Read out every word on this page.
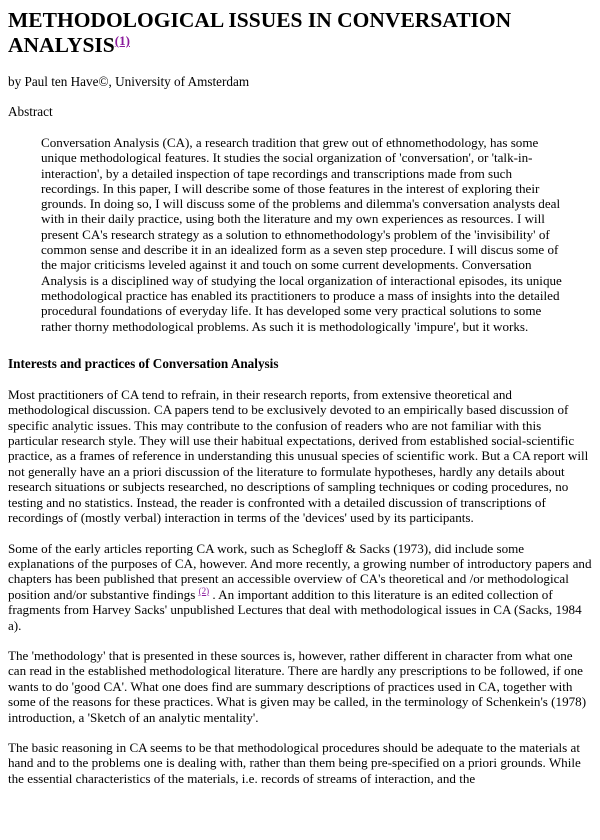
METHODOLOGICAL ISSUES IN CONVERSATION ANALYSIS$^{(1)}$
by Paul ten Have©, University of Amsterdam
Abstract
Conversation Analysis (CA), a research tradition that grew out of ethnomethodology, has some unique methodological features. It studies the social organization of 'conversation', or 'talk-in-interaction', by a detailed inspection of tape recordings and transcriptions made from such recordings. In this paper, I will describe some of those features in the interest of exploring their grounds. In doing so, I will discuss some of the problems and dilemma's conversation analysts deal with in their daily practice, using both the literature and my own experiences as resources. I will present CA's research strategy as a solution to ethnomethodology's problem of the 'invisibility' of common sense and describe it in an idealized form as a seven step procedure. I will discus some of the major criticisms leveled against it and touch on some current developments. Conversation Analysis is a disciplined way of studying the local organization of interactional episodes, its unique methodological practice has enabled its practitioners to produce a mass of insights into the detailed procedural foundations of everyday life. It has developed some very practical solutions to some rather thorny methodological problems. As such it is methodologically 'impure', but it works.
Interests and practices of Conversation Analysis

Most practitioners of CA tend to refrain, in their research reports, from extensive theoretical and methodological discussion. CA papers tend to be exclusively devoted to an empirically based discussion of specific analytic issues. This may contribute to the confusion of readers who are not familiar with this particular research style. They will use their habitual expectations, derived from established social-scientific practice, as a frames of reference in understanding this unusual species of scientific work. But a CA report will not generally have an a priori discussion of the literature to formulate hypotheses, hardly any details about research situations or subjects researched, no descriptions of sampling techniques or coding procedures, no testing and no statistics. Instead, the reader is confronted with a detailed discussion of transcriptions of recordings of (mostly verbal) interaction in terms of the 'devices' used by its participants.

Some of the early articles reporting CA work, such as Schegloff & Sacks (1973), did include some explanations of the purposes of CA, however. And more recently, a growing number of introductory papers and chapters has been published that present an accessible overview of CA's theoretical and /or methodological position and/or substantive findings $^{(2)}$ . An important addition to this literature is an edited collection of fragments from Harvey Sacks' unpublished Lectures that deal with methodological issues in CA (Sacks, 1984 a).

The 'methodology' that is presented in these sources is, however, rather different in character from what one can read in the established methodological literature. There are hardly any prescriptions to be followed, if one wants to do 'good CA'. What one does find are summary descriptions of practices used in CA, together with some of the reasons for these practices. What is given may be called, in the terminology of Schenkein's (1978) introduction, a 'Sketch of an analytic mentality'.

The basic reasoning in CA seems to be that methodological procedures should be adequate to the materials at hand and to the problems one is dealing with, rather than them being pre-specified on a priori grounds. While the essential characteristics of the materials, i.e. records of streams of interaction, and the
